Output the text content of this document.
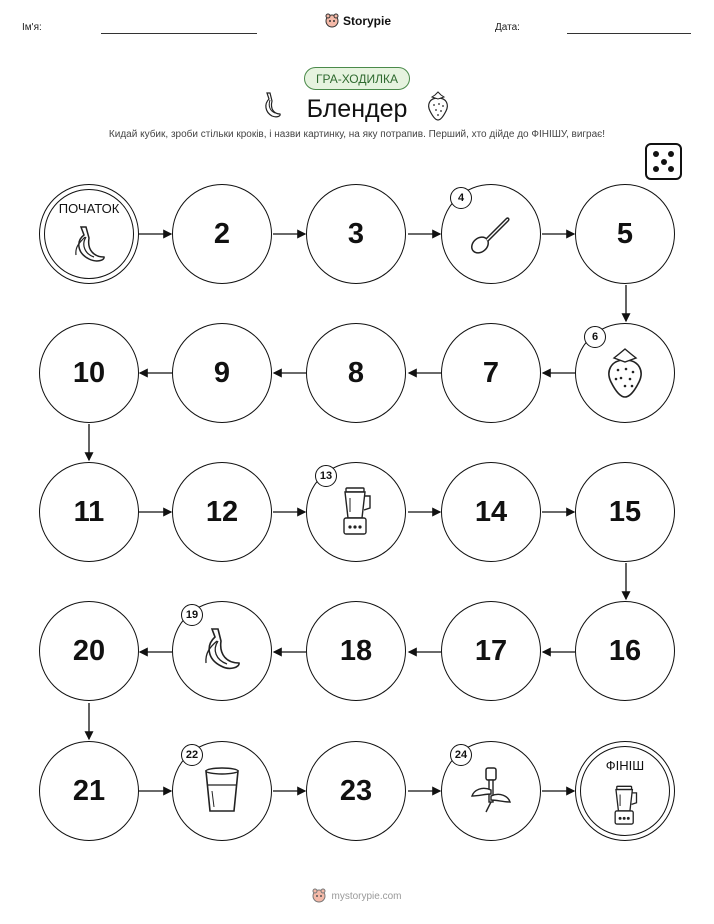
Ім'я:	Storypie	Дата:
ГРА-ХОДИЛКА
Блендер
Кидай кубик, зроби стільки кроків, і назви картинку, на яку потрапив. Перший, хто дійде до ФІНІШУ, виграє!
ПОЧАТОК
2	3
4
5
10	9	8	7
6
11	12
13
14	15
20
19
18	17	16
21
22
23
24
ФІНІШ
mystorypie.com
